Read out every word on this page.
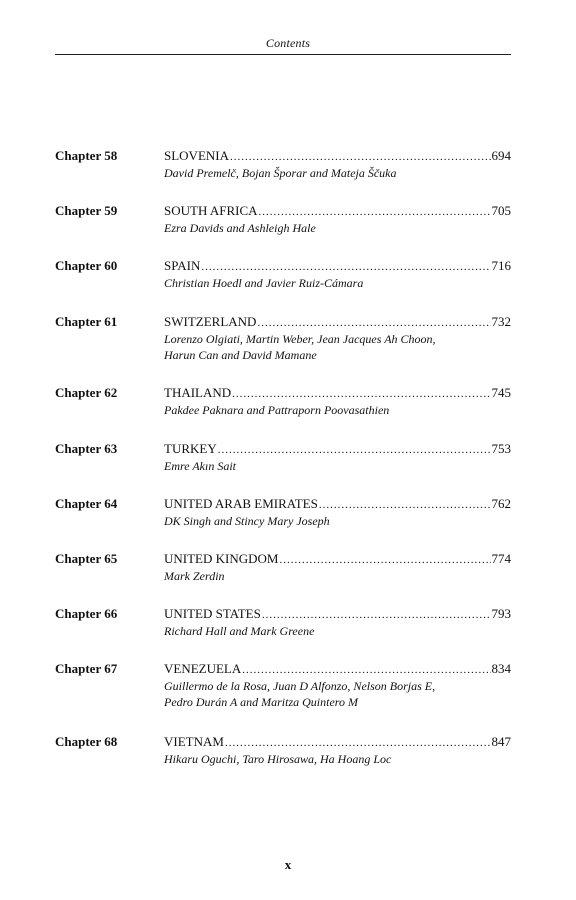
Contents
Chapter 58	SLOVENIA .....	694
David Premelč, Bojan Šporar and Mateja Ščuka
Chapter 59	SOUTH AFRICA .....	705
Ezra Davids and Ashleigh Hale
Chapter 60	SPAIN .....	716
Christian Hoedl and Javier Ruiz-Cámara
Chapter 61	SWITZERLAND .....	732
Lorenzo Olgiati, Martin Weber, Jean Jacques Ah Choon,
Harun Can and David Mamane
Chapter 62	THAILAND .....	745
Pakdee Paknara and Pattraporn Poovasathien
Chapter 63	TURKEY .....	753
Emre Akın Sait
Chapter 64	UNITED ARAB EMIRATES .....	762
DK Singh and Stincy Mary Joseph
Chapter 65	UNITED KINGDOM .....	774
Mark Zerdin
Chapter 66	UNITED STATES .....	793
Richard Hall and Mark Greene
Chapter 67	VENEZUELA .....	834
Guillermo de la Rosa, Juan D Alfonzo, Nelson Borjas E,
Pedro Durán A and Maritza Quintero M
Chapter 68	VIETNAM .....	847
Hikaru Oguchi, Taro Hirosawa, Ha Hoang Loc
x
